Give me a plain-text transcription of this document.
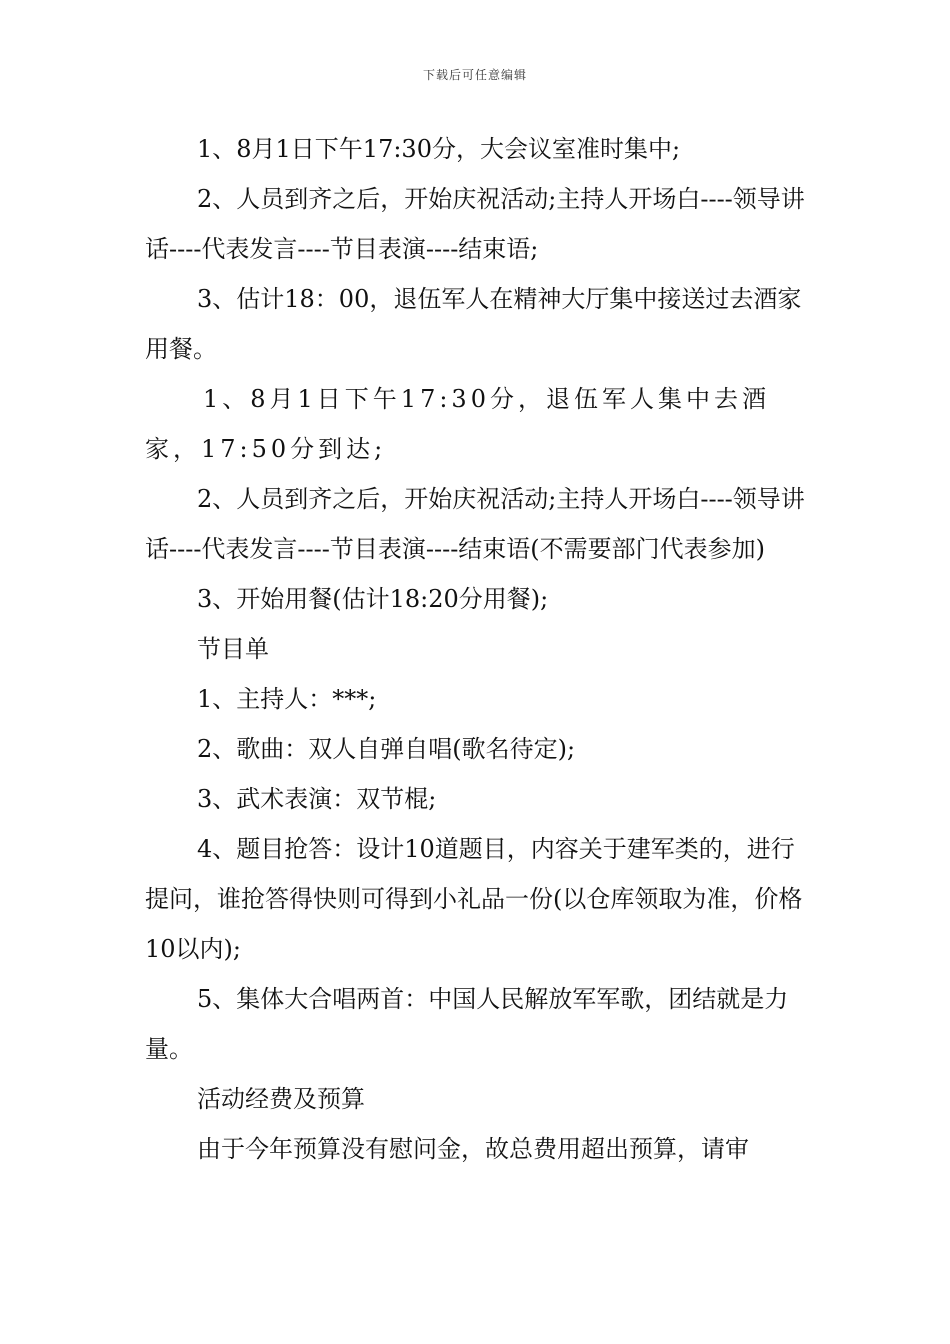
下载后可任意编辑

1、8月1日下午17:30分，大会议室准时集中;

2、人员到齐之后，开始庆祝活动;主持人开场白----领导讲话----代表发言----节目表演----结束语;

3、估计18：00，退伍军人在精神大厅集中接送过去酒家用餐。

1、8月1日下午17:30分，退伍军人集中去酒家，17:50分到达;

2、人员到齐之后，开始庆祝活动;主持人开场白----领导讲话----代表发言----节目表演----结束语(不需要部门代表参加)

3、开始用餐(估计18:20分用餐);

节目单

1、主持人：***;

2、歌曲：双人自弹自唱(歌名待定);

3、武术表演：双节棍;

4、题目抢答：设计10道题目，内容关于建军类的，进行提问，谁抢答得快则可得到小礼品一份(以仓库领取为准，价格10以内);

5、集体大合唱两首：中国人民解放军军歌，团结就是力量。

活动经费及预算

由于今年预算没有慰问金，故总费用超出预算，请审
